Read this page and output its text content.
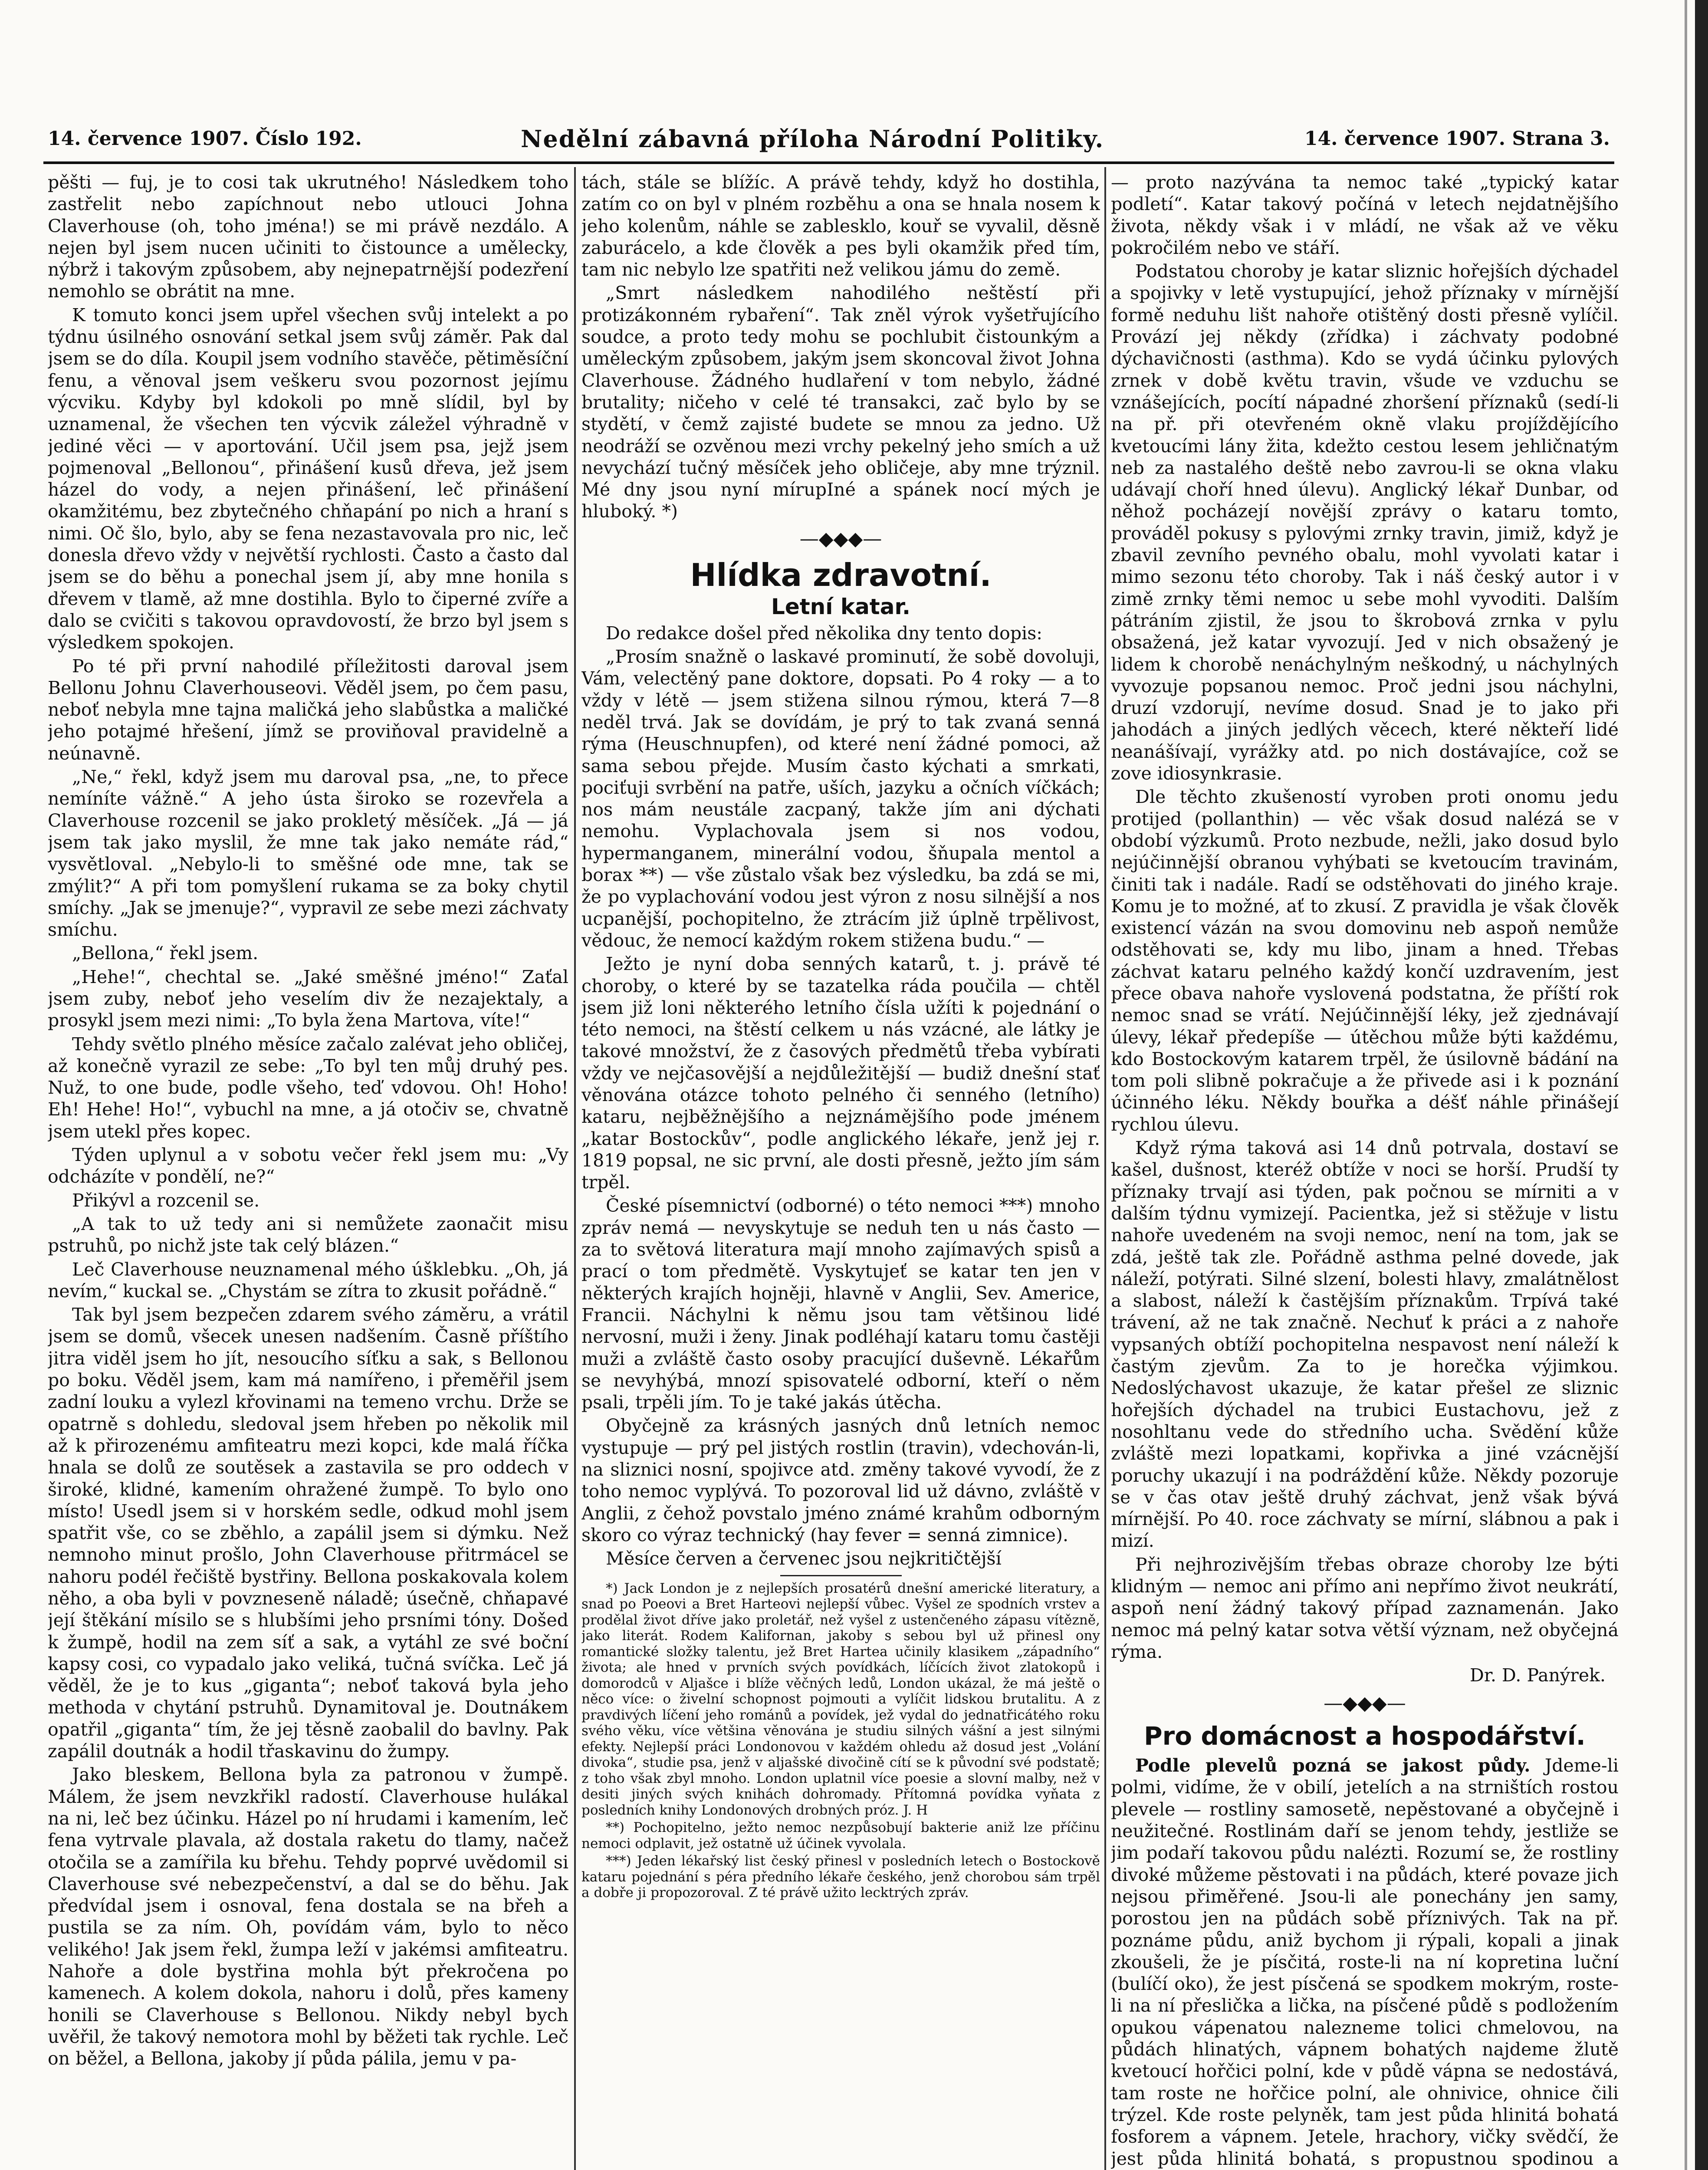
14. července 1907. Číslo 192.	Nedělní zábavná příloha Národní Politiky.	14. července 1907. Strana 3.

pěšti — fuj, je to cosi tak ukrutného! Následkem toho zastřelit nebo zapíchnout nebo utlouci Johna Claverhouse (oh, toho jména!) se mi právě nezdálo. A nejen byl jsem nucen učiniti to čistounce a umělecky, nýbrž i takovým způsobem, aby nejnepatrnější podezření nemohlo se obrátit na mne.

K tomuto konci jsem upřel všechen svůj intelekt a po týdnu úsilného osnování setkal jsem svůj záměr. Pak dal jsem se do díla. Koupil jsem vodního stavěče, pětiměsíční fenu, a věnoval jsem veškeru svou pozornost jejímu výcviku. Kdyby byl kdokoli po mně slídil, byl by uznamenal, že všechen ten výcvik záležel výhradně v jediné věci — v aportování. Učil jsem psa, jejž jsem pojmenoval „Bellonou“, přinášení kusů dřeva, jež jsem házel do vody, a nejen přinášení, leč přinášení okamžitému, bez zbytečného chňapání po nich a hraní s nimi. Oč šlo, bylo, aby se fena nezastavovala pro nic, leč donesla dřevo vždy v největší rychlosti. Často a často dal jsem se do běhu a ponechal jsem jí, aby mne honila s dřevem v tlamě, až mne dostihla. Bylo to čiperné zvíře a dalo se cvičiti s takovou opravdovostí, že brzo byl jsem s výsledkem spokojen.

Po té při první nahodilé příležitosti daroval jsem Bellonu Johnu Claverhouseovi. Věděl jsem, po čem pasu, neboť nebyla mne tajna maličká jeho slabůstka a maličké jeho potajmé hřešení, jímž se proviňoval pravidelně a neúnavně.

„Ne,“ řekl, když jsem mu daroval psa, „ne, to přece nemíníte vážně.“ A jeho ústa široko se rozevřela a Claverhouse rozcenil se jako prokletý měsíček. „Já — já jsem tak jako myslil, že mne tak jako nemáte rád,“ vysvětloval. „Nebylo-li to směšné ode mne, tak se zmýlit?“ A při tom pomyšlení rukama se za boky chytil smíchy. „Jak se jmenuje?“, vypravil ze sebe mezi záchvaty smíchu.

„Bellona,“ řekl jsem.

„Hehe!“, chechtal se. „Jaké směšné jméno!“ Zaťal jsem zuby, neboť jeho veselím div že nezajektaly, a prosykl jsem mezi nimi: „To byla žena Martova, víte!“

Tehdy světlo plného měsíce začalo zalévat jeho obličej, až konečně vyrazil ze sebe: „To byl ten můj druhý pes. Nuž, to one bude, podle všeho, teď vdovou. Oh! Hoho! Eh! Hehe! Ho!“, vybuchl na mne, a já otočiv se, chvatně jsem utekl přes kopec.

Týden uplynul a v sobotu večer řekl jsem mu: „Vy odcházíte v pondělí, ne?“

Přikývl a rozcenil se.

„A tak to už tedy ani si nemůžete zaonačit misu pstruhů, po nichž jste tak celý blázen.“

Leč Claverhouse neuznamenal mého úšklebku. „Oh, já nevím,“ kuckal se. „Chystám se zítra to zkusit pořádně.“

Tak byl jsem bezpečen zdarem svého záměru, a vrátil jsem se domů, všecek unesen nadšením. Časně příštího jitra viděl jsem ho jít, nesoucího síťku a sak, s Bellonou po boku. Věděl jsem, kam má namířeno, i přeměřil jsem zadní louku a vylezl křovinami na temeno vrchu. Drže se opatrně s dohledu, sledoval jsem hřeben po několik mil až k přirozenému amfiteatru mezi kopci, kde malá říčka hnala se dolů ze soutěsek a zastavila se pro oddech v široké, klidné, kamením ohražené žumpě. To bylo ono místo! Usedl jsem si v horském sedle, odkud mohl jsem spatřit vše, co se zběhlo, a zapálil jsem si dýmku. Než nemnoho minut prošlo, John Claverhouse přitrmácel se nahoru podél řečiště bystřiny. Bellona poskakovala kolem něho, a oba byli v povzneseně náladě; úsečně, chňapavé její štěkání mísilo se s hlubšími jeho prsními tóny. Došed k žumpě, hodil na zem síť a sak, a vytáhl ze své boční kapsy cosi, co vypadalo jako veliká, tučná svíčka. Leč já věděl, že je to kus „giganta“; neboť taková byla jeho methoda v chytání pstruhů. Dynamitoval je. Doutnákem opatřil „giganta“ tím, že jej těsně zaobalil do bavlny. Pak zapálil doutnák a hodil třaskavinu do žumpy.

Jako bleskem, Bellona byla za patronou v žumpě. Málem, že jsem nevzkřikl radostí. Claverhouse hulákal na ni, leč bez účinku. Házel po ní hrudami i kamením, leč fena vytrvale plavala, až dostala raketu do tlamy, načež otočila se a zamířila ku břehu. Tehdy poprvé uvědomil si Claverhouse své nebezpečenství, a dal se do běhu. Jak předvídal jsem i osnoval, fena dostala se na břeh a pustila se za ním. Oh, povídám vám, bylo to něco velikého! Jak jsem řekl, žumpa leží v jakémsi amfiteatru. Nahoře a dole bystřina mohla být překročena po kamenech. A kolem dokola, nahoru i dolů, přes kameny honili se Claverhouse s Bellonou. Nikdy nebyl bych uvěřil, že takový nemotora mohl by běžeti tak rychle. Leč on běžel, a Bellona, jakoby jí půda pálila, jemu v pa-

tách, stále se blížíc. A právě tehdy, když ho dostihla, zatím co on byl v plném rozběhu a ona se hnala nosem k jeho kolenům, náhle se zablesklo, kouř se vyvalil, děsně zaburácelo, a kde člověk a pes byli okamžik před tím, tam nic nebylo lze spatřiti než velikou jámu do země.

„Smrt následkem nahodilého neštěstí při protizákonném rybaření“. Tak zněl výrok vyšetřujícího soudce, a proto tedy mohu se pochlubit čistounkým a uměleckým způsobem, jakým jsem skoncoval život Johna Claverhouse. Žádného hudlaření v tom nebylo, žádné brutality; ničeho v celé té transakci, zač bylo by se stydětí, v čemž zajisté budete se mnou za jedno. Už neodráží se ozvěnou mezi vrchy pekelný jeho smích a už nevychází tučný měsíček jeho obličeje, aby mne trýznil. Mé dny jsou nyní mírupIné a spánek nocí mých je hluboký. *)

—◆◆◆—
Hlídka zdravotní.
Letní katar.

Do redakce došel před několika dny tento dopis:

„Prosím snažně o laskavé prominutí, že sobě dovoluji, Vám, velectěný pane doktore, dopsati. Po 4 roky — a to vždy v létě — jsem stižena silnou rýmou, která 7—8 neděl trvá. Jak se dovídám, je prý to tak zvaná senná rýma (Heuschnupfen), od které není žádné pomoci, až sama sebou přejde. Musím často kýchati a smrkati, pociťuji svrbění na patře, uších, jazyku a očních víčkách; nos mám neustále zacpaný, takže jím ani dýchati nemohu. Vyplachovala jsem si nos vodou, hypermanganem, minerální vodou, šňupala mentol a borax **) — vše zůstalo však bez výsledku, ba zdá se mi, že po vyplachování vodou jest výron z nosu silnější a nos ucpanější, pochopitelno, že ztrácím již úplně trpělivost, vědouc, že nemocí každým rokem stižena budu.“ —

Ježto je nyní doba senných katarů, t. j. právě té choroby, o které by se tazatelka ráda poučila — chtěl jsem již loni některého letního čísla užíti k pojednání o této nemoci, na štěstí celkem u nás vzácné, ale látky je takové množství, že z časových předmětů třeba vybírati vždy ve nejčasovější a nejdůležitější — budiž dnešní stať věnována otázce tohoto pelného či senného (letního) kataru, nejběžnějšího a nejznámějšího pode jménem „katar Bostockův“, podle anglického lékaře, jenž jej r. 1819 popsal, ne sic první, ale dosti přesně, ježto jím sám trpěl.

České písemnictví (odborné) o této nemoci ***) mnoho zpráv nemá — nevyskytuje se neduh ten u nás často — za to světová literatura mají mnoho zajímavých spisů a prací o tom předmětě. Vyskytujeť se katar ten jen v některých krajích hojněji, hlavně v Anglii, Sev. Americe, Francii. Náchylni k němu jsou tam většinou lidé nervosní, muži i ženy. Jinak podléhají kataru tomu častěji muži a zvláště často osoby pracující duševně. Lékařům se nevyhýbá, mnozí spisovatelé odborní, kteří o něm psali, trpěli jím. To je také jakás útěcha.

Obyčejně za krásných jasných dnů letních nemoc vystupuje — prý pel jistých rostlin (travin), vdechován-li, na sliznici nosní, spojivce atd. změny takové vyvodí, že z toho nemoc vyplývá. To pozoroval lid už dávno, zvláště v Anglii, z čehož povstalo jméno známé krahům odborným skoro co výraz technický (hay fever = senná zimnice).

Měsíce červen a červenec jsou nejkritičtější

*) Jack London je z nejlepších prosatérů dnešní americké literatury, a snad po Poeovi a Bret Harteovi nejlepší vůbec. Vyšel ze spodních vrstev a prodělal život dříve jako proletář, než vyšel z ustenčeného zápasu vítězně, jako literát. Rodem Kalifornan, jakoby s sebou byl už přinesl ony romantické složky talentu, jež Bret Hartea učinily klasikem „západního“ života; ale hned v prvních svých povídkách, líčících život zlatokopů i domorodců v Aljašce i blíže věčných ledů, London ukázal, že má ještě o něco více: o živelní schopnost pojmouti a vylíčit lidskou brutalitu. A z pravdivých líčení jeho románů a povídek, jež vydal do jednatřicátého roku svého věku, více většina věnována je studiu silných vášní a jest silnými efekty. Nejlepší práci Londonovou v každém ohledu až dosud jest „Volání divoka“, studie psa, jenž v aljašské divočině cítí se k původní své podstatě; z toho však zbyl mnoho. London uplatnil více poesie a slovní malby, než v desiti jiných svých knihách dohromady. Přítomná povídka vyňata z posledních knihy Londonových drobných próz. J. H

**) Pochopitelno, ježto nemoc nezpůsobují bakterie aniž lze příčinu nemoci odplavit, jež ostatně už účinek vyvolala.

***) Jeden lékařský list český přinesl v posledních letech o Bostockově kataru pojednání s péra předního lékaře českého, jenž chorobou sám trpěl a dobře ji propozoroval. Z té právě užito lecktrých zpráv.

— proto nazývána ta nemoc také „typický katar podletí“. Katar takový počíná v letech nejdatnějšího života, někdy však i v mládí, ne však až ve věku pokročilém nebo ve stáří.

Podstatou choroby je katar sliznic hořejších dýchadel a spojivky v letě vystupující, jehož příznaky v mírnější formě neduhu lišt nahoře otištěný dosti přesně vylíčil. Provází jej někdy (zřídka) i záchvaty podobné dýchavičnosti (asthma). Kdo se vydá účinku pylových zrnek v době květu travin, všude ve vzduchu se vznášejících, pocítí nápadné zhoršení příznaků (sedí-li na př. při otevřeném okně vlaku projíždějícího kvetoucími lány žita, kdežto cestou lesem jehličnatým neb za nastalého deště nebo zavrou-li se okna vlaku udávají choří hned úlevu). Anglický lékař Dunbar, od něhož pocházejí novější zprávy o kataru tomto, prováděl pokusy s pylovými zrnky travin, jimiž, když je zbavil zevního pevného obalu, mohl vyvolati katar i mimo sezonu této choroby. Tak i náš český autor i v zimě zrnky těmi nemoc u sebe mohl vyvoditi. Dalším pátráním zjistil, že jsou to škrobová zrnka v pylu obsažená, jež katar vyvozují. Jed v nich obsažený je lidem k chorobě nenáchylným neškodný, u náchylných vyvozuje popsanou nemoc. Proč jedni jsou náchylni, druzí vzdorují, nevíme dosud. Snad je to jako při jahodách a jiných jedlých věcech, které někteří lidé neanášívají, vyrážky atd. po nich dostávajíce, což se zove idiosynkrasie.

Dle těchto zkušeností vyroben proti onomu jedu protijed (pollanthin) — věc však dosud nalézá se v období výzkumů. Proto nezbude, nežli, jako dosud bylo nejúčinnější obranou vyhýbati se kvetoucím travinám, činiti tak i nadále. Radí se odstěhovati do jiného kraje. Komu je to možné, ať to zkusí. Z pravidla je však člověk existencí vázán na svou domovinu neb aspoň nemůže odstěhovati se, kdy mu libo, jinam a hned. Třebas záchvat kataru pelného každý končí uzdravením, jest přece obava nahoře vyslovená podstatna, že příští rok nemoc snad se vrátí. Nejúčinnější léky, jež zjednávají úlevy, lékař předepíše — útěchou může býti každému, kdo Bostockovým katarem trpěl, že úsilovně bádání na tom poli slibně pokračuje a že přivede asi i k poznání účinného léku. Někdy bouřka a déšť náhle přinášejí rychlou úlevu.

Když rýma taková asi 14 dnů potrvala, dostaví se kašel, dušnost, kteréž obtíže v noci se horší. Prudší ty příznaky trvají asi týden, pak počnou se mírniti a v dalším týdnu vymizejí. Pacientka, jež si stěžuje v listu nahoře uvedeném na svoji nemoc, není na tom, jak se zdá, ještě tak zle. Pořádně asthma pelné dovede, jak náleží, potýrati. Silné slzení, bolesti hlavy, zmalátnělost a slabost, náleží k častějším příznakům. Trpívá také trávení, až ne tak značně. Nechuť k práci a z nahoře vypsaných obtíží pochopitelna nespavost není náleží k častým zjevům. Za to je horečka výjimkou. Nedoslýchavost ukazuje, že katar přešel ze sliznic hořejších dýchadel na trubici Eustachovu, jež z nosohltanu vede do středního ucha. Svědění kůže zvláště mezi lopatkami, kopřivka a jiné vzácnější poruchy ukazují i na podráždění kůže. Někdy pozoruje se v čas otav ještě druhý záchvat, jenž však bývá mírnější. Po 40. roce záchvaty se mírní, slábnou a pak i mizí.

Při nejhrozivějším třebas obraze choroby lze býti klidným — nemoc ani přímo ani nepřímo život neukrátí, aspoň není žádný takový případ zaznamenán. Jako nemoc má pelný katar sotva větší význam, než obyčejná rýma.

Dr. D. Panýrek.
—◆◆◆—
Pro domácnost a hospodářství.

Podle plevelů pozná se jakost půdy. Jdeme-li polmi, vidíme, že v obilí, jetelích a na strništích rostou plevele — rostliny samosetě, nepěstované a obyčejně i neužitečné. Rostlinám daří se jenom tehdy, jestliže se jim podaří takovou půdu nalézti. Rozumí se, že rostliny divoké můžeme pěstovati i na půdách, které povaze jich nejsou přiměřené. Jsou-li ale ponechány jen samy, porostou jen na půdách sobě příznivých. Tak na př. poznáme půdu, aniž bychom ji rýpali, kopali a jinak zkoušeli, že je písčitá, roste-li na ní kopretina luční (bulíčí oko), že jest písčená se spodkem mokrým, roste-li na ní přeslička a lička, na písčené půdě s podložením opukou vápenatou nalezneme tolici chmelovou, na půdách hlinatých, vápnem bohatých najdeme žlutě kvetoucí hořčici polní, kde v půdě vápna se nedostává, tam roste ne hořčice polní, ale ohnivice, ohnice čili trýzel. Kde roste pelyněk, tam jest půda hlinitá bohatá fosforem a vápnem. Jetele, hrachory, vičky svědčí, že jest půda hlinitá bohatá, s propustnou spodinou a
